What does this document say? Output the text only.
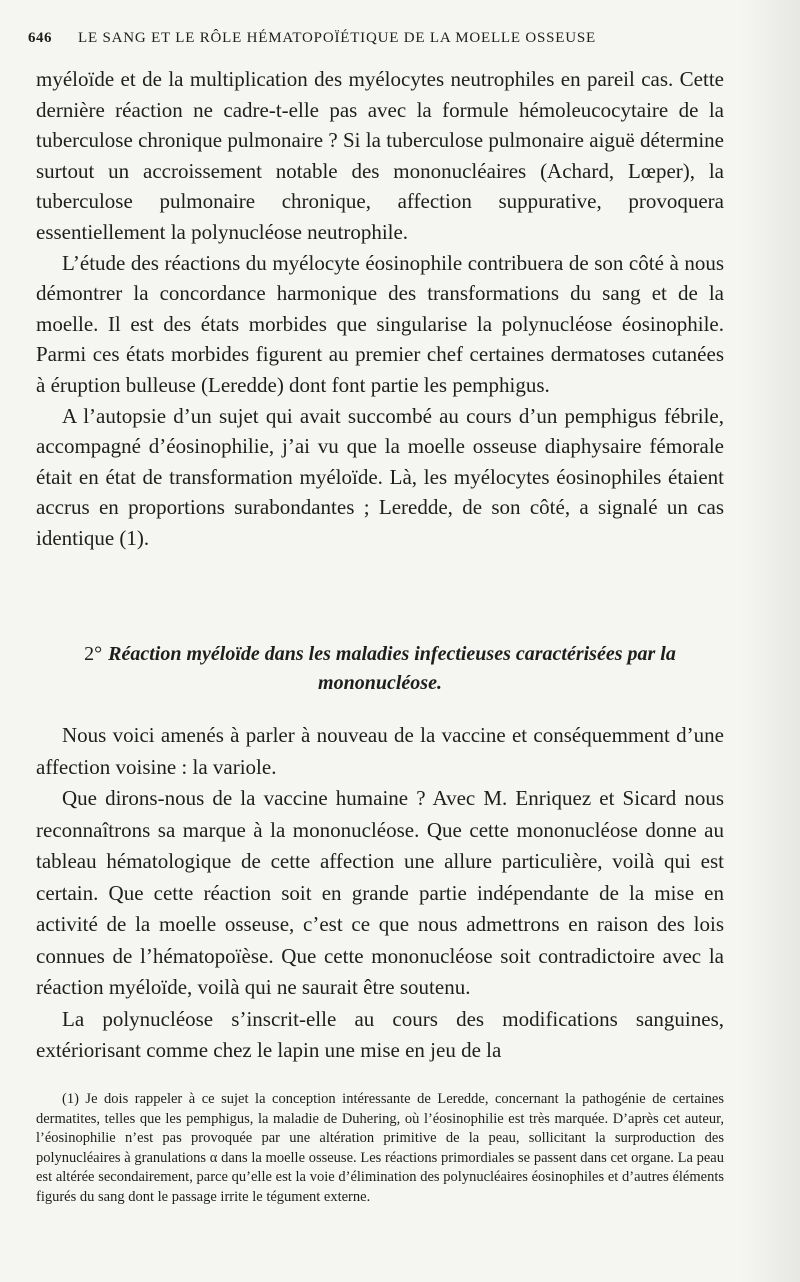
646 LE SANG ET LE RÔLE HÉMATOPOÏÉTIQUE DE LA MOELLE OSSEUSE

myéloïde et de la multiplication des myélocytes neutrophiles en pareil cas. Cette dernière réaction ne cadre-t-elle pas avec la formule hémoleucocytaire de la tuberculose chronique pulmonaire ? Si la tuberculose pulmonaire aiguë détermine surtout un accroissement notable des mononucléaires (Achard, Lœper), la tuberculose pulmonaire chronique, affection suppurative, provoquera essentiellement la polynucléose neutrophile.

L’étude des réactions du myélocyte éosinophile contribuera de son côté à nous démontrer la concordance harmonique des transformations du sang et de la moelle. Il est des états morbides que singularise la polynucléose éosinophile. Parmi ces états morbides figurent au premier chef certaines dermatoses cutanées à éruption bulleuse (Leredde) dont font partie les pemphigus.

A l’autopsie d’un sujet qui avait succombé au cours d’un pemphigus fébrile, accompagné d’éosinophilie, j’ai vu que la moelle osseuse diaphysaire fémorale était en état de transformation myéloïde. Là, les myélocytes éosinophiles étaient accrus en proportions surabondantes ; Leredde, de son côté, a signalé un cas identique (1).

2° Réaction myéloïde dans les maladies infectieuses caractérisées par la mononucléose.

Nous voici amenés à parler à nouveau de la vaccine et conséquemment d’une affection voisine : la variole.

Que dirons-nous de la vaccine humaine ? Avec M. Enriquez et Sicard nous reconnaîtrons sa marque à la mononucléose. Que cette mononucléose donne au tableau hématologique de cette affection une allure particulière, voilà qui est certain. Que cette réaction soit en grande partie indépendante de la mise en activité de la moelle osseuse, c’est ce que nous admettrons en raison des lois connues de l’hématopoïèse. Que cette mononucléose soit contradictoire avec la réaction myéloïde, voilà qui ne saurait être soutenu.

La polynucléose s’inscrit-elle au cours des modifications sanguines, extériorisant comme chez le lapin une mise en jeu de la

(1) Je dois rappeler à ce sujet la conception intéressante de Leredde, concernant la pathogénie de certaines dermatites, telles que les pemphigus, la maladie de Duhering, où l’éosinophilie est très marquée. D’après cet auteur, l’éosinophilie n’est pas provoquée par une altération primitive de la peau, sollicitant la surproduction des polynucléaires à granulations α dans la moelle osseuse. Les réactions primordiales se passent dans cet organe. La peau est altérée secondairement, parce qu’elle est la voie d’élimination des polynucléaires éosinophiles et d’autres éléments figurés du sang dont le passage irrite le tégument externe.
